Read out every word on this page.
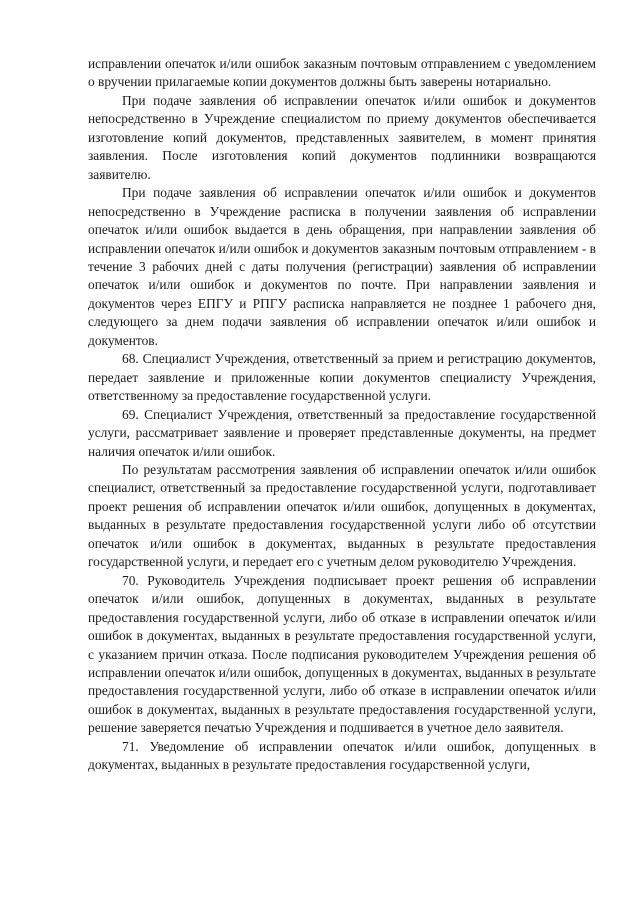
исправлении опечаток и/или ошибок заказным почтовым отправлением с уведомлением о вручении прилагаемые копии документов должны быть заверены нотариально.

При подаче заявления об исправлении опечаток и/или ошибок и документов непосредственно в Учреждение специалистом по приему документов обеспечивается изготовление копий документов, представленных заявителем, в момент принятия заявления. После изготовления копий документов подлинники возвращаются заявителю.

При подаче заявления об исправлении опечаток и/или ошибок и документов непосредственно в Учреждение расписка в получении заявления об исправлении опечаток и/или ошибок выдается в день обращения, при направлении заявления об исправлении опечаток и/или ошибок и документов заказным почтовым отправлением - в течение 3 рабочих дней с даты получения (регистрации) заявления об исправлении опечаток и/или ошибок и документов по почте. При направлении заявления и документов через ЕПГУ и РПГУ расписка направляется не позднее 1 рабочего дня, следующего за днем подачи заявления об исправлении опечаток и/или ошибок и документов.

68. Специалист Учреждения, ответственный за прием и регистрацию документов, передает заявление и приложенные копии документов специалисту Учреждения, ответственному за предоставление государственной услуги.

69. Специалист Учреждения, ответственный за предоставление государственной услуги, рассматривает заявление и проверяет представленные документы, на предмет наличия опечаток и/или ошибок.

По результатам рассмотрения заявления об исправлении опечаток и/или ошибок специалист, ответственный за предоставление государственной услуги, подготавливает проект решения об исправлении опечаток и/или ошибок, допущенных в документах, выданных в результате предоставления государственной услуги либо об отсутствии опечаток и/или ошибок в документах, выданных в результате предоставления государственной услуги, и передает его с учетным делом руководителю Учреждения.

70. Руководитель Учреждения подписывает проект решения об исправлении опечаток и/или ошибок, допущенных в документах, выданных в результате предоставления государственной услуги, либо об отказе в исправлении опечаток и/или ошибок в документах, выданных в результате предоставления государственной услуги, с указанием причин отказа. После подписания руководителем Учреждения решения об исправлении опечаток и/или ошибок, допущенных в документах, выданных в результате предоставления государственной услуги, либо об отказе в исправлении опечаток и/или ошибок в документах, выданных в результате предоставления государственной услуги, решение заверяется печатью Учреждения и подшивается в учетное дело заявителя.

71. Уведомление об исправлении опечаток и/или ошибок, допущенных в документах, выданных в результате предоставления государственной услуги,
